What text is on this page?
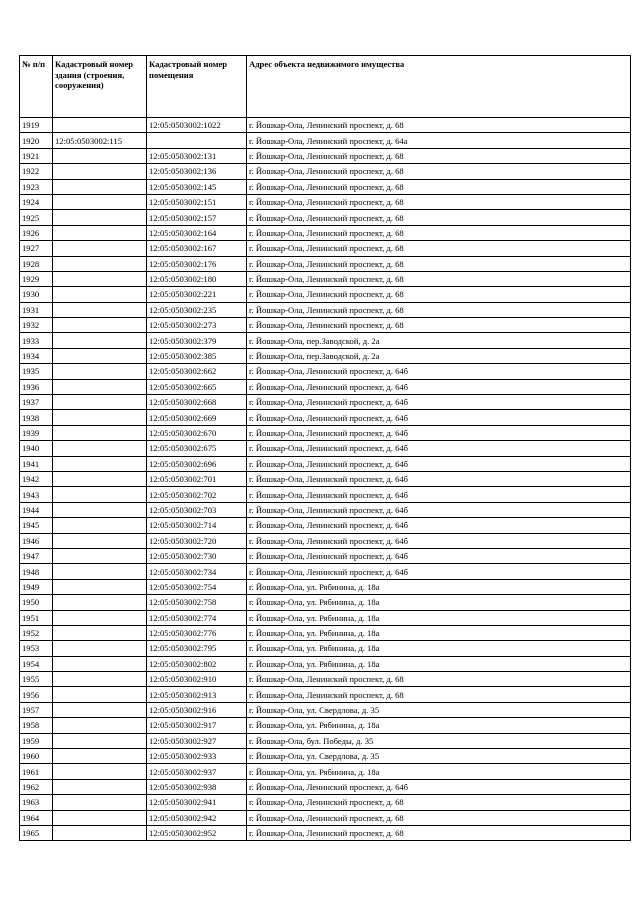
№ п/п	Кадастровый номер здания (строения, сооружения)	Кадастровый номер помещения	Адрес объекта недвижимого имущества
1919		12:05:0503002:1022	г. Йошкар-Ола, Ленинский проспект, д. 68
1920	12:05:0503002:115		г. Йошкар-Ола, Ленинский проспект, д. 64а
1921		12:05:0503002:131	г. Йошкар-Ола, Ленинский проспект, д. 68
1922		12:05:0503002:136	г. Йошкар-Ола, Ленинский проспект, д. 68
1923		12:05:0503002:145	г. Йошкар-Ола, Ленинский проспект, д. 68
1924		12:05:0503002:151	г. Йошкар-Ола, Ленинский проспект, д. 68
1925		12:05:0503002:157	г. Йошкар-Ола, Ленинский проспект, д. 68
1926		12:05:0503002:164	г. Йошкар-Ола, Ленинский проспект, д. 68
1927		12:05:0503002:167	г. Йошкар-Ола, Ленинский проспект, д. 68
1928		12:05:0503002:176	г. Йошкар-Ола, Ленинский проспект, д. 68
1929		12:05:0503002:180	г. Йошкар-Ола, Ленинский проспект, д. 68
1930		12:05:0503002:221	г. Йошкар-Ола, Ленинский проспект, д. 68
1931		12:05:0503002:235	г. Йошкар-Ола, Ленинский проспект, д. 68
1932		12:05:0503002:273	г. Йошкар-Ола, Ленинский проспект, д. 68
1933		12:05:0503002:379	г. Йошкар-Ола, пер.Заводской, д. 2а
1934		12:05:0503002:385	г. Йошкар-Ола, пер.Заводской, д. 2а
1935		12:05:0503002:662	г. Йошкар-Ола, Ленинский проспект, д. 64б
1936		12:05:0503002:665	г. Йошкар-Ола, Ленинский проспект, д. 64б
1937		12:05:0503002:668	г. Йошкар-Ола, Ленинский проспект, д. 64б
1938		12:05:0503002:669	г. Йошкар-Ола, Ленинский проспект, д. 64б
1939		12:05:0503002:670	г. Йошкар-Ола, Ленинский проспект, д. 64б
1940		12:05:0503002:675	г. Йошкар-Ола, Ленинский проспект, д. 64б
1941		12:05:0503002:696	г. Йошкар-Ола, Ленинский проспект, д. 64б
1942		12:05:0503002:701	г. Йошкар-Ола, Ленинский проспект, д. 64б
1943		12:05:0503002:702	г. Йошкар-Ола, Ленинский проспект, д. 64б
1944		12:05:0503002:703	г. Йошкар-Ола, Ленинский проспект, д. 64б
1945		12:05:0503002:714	г. Йошкар-Ола, Ленинский проспект, д. 64б
1946		12:05:0503002:720	г. Йошкар-Ола, Ленинский проспект, д. 64б
1947		12:05:0503002:730	г. Йошкар-Ола, Ленинский проспект, д. 64б
1948		12:05:0503002:734	г. Йошкар-Ола, Ленинский проспект, д. 64б
1949		12:05:0503002:754	г. Йошкар-Ола, ул. Рябинина, д. 18а
1950		12:05:0503002:758	г. Йошкар-Ола, ул. Рябинина, д. 18а
1951		12:05:0503002:774	г. Йошкар-Ола, ул. Рябинина, д. 18а
1952		12:05:0503002:776	г. Йошкар-Ола, ул. Рябинина, д. 18а
1953		12:05:0503002:795	г. Йошкар-Ола, ул. Рябинина, д. 18а
1954		12:05:0503002:802	г. Йошкар-Ола, ул. Рябинина, д. 18а
1955		12:05:0503002:910	г. Йошкар-Ола, Ленинский проспект, д. 68
1956		12:05:0503002:913	г. Йошкар-Ола, Ленинский проспект, д. 68
1957		12:05:0503002:916	г. Йошкар-Ола, ул. Свердлова, д. 35
1958		12:05:0503002:917	г. Йошкар-Ола, ул. Рябинина, д. 18а
1959		12:05:0503002:927	г. Йошкар-Ола, бул. Победы, д. 35
1960		12:05:0503002:933	г. Йошкар-Ола, ул. Свердлова, д. 35
1961		12:05:0503002:937	г. Йошкар-Ола, ул. Рябинина, д. 18а
1962		12:05:0503002:938	г. Йошкар-Ола, Ленинский проспект, д. 64б
1963		12:05:0503002:941	г. Йошкар-Ола, Ленинский проспект, д. 68
1964		12:05:0503002:942	г. Йошкар-Ола, Ленинский проспект, д. 68
1965		12:05:0503002:952	г. Йошкар-Ола, Ленинский проспект, д. 68
